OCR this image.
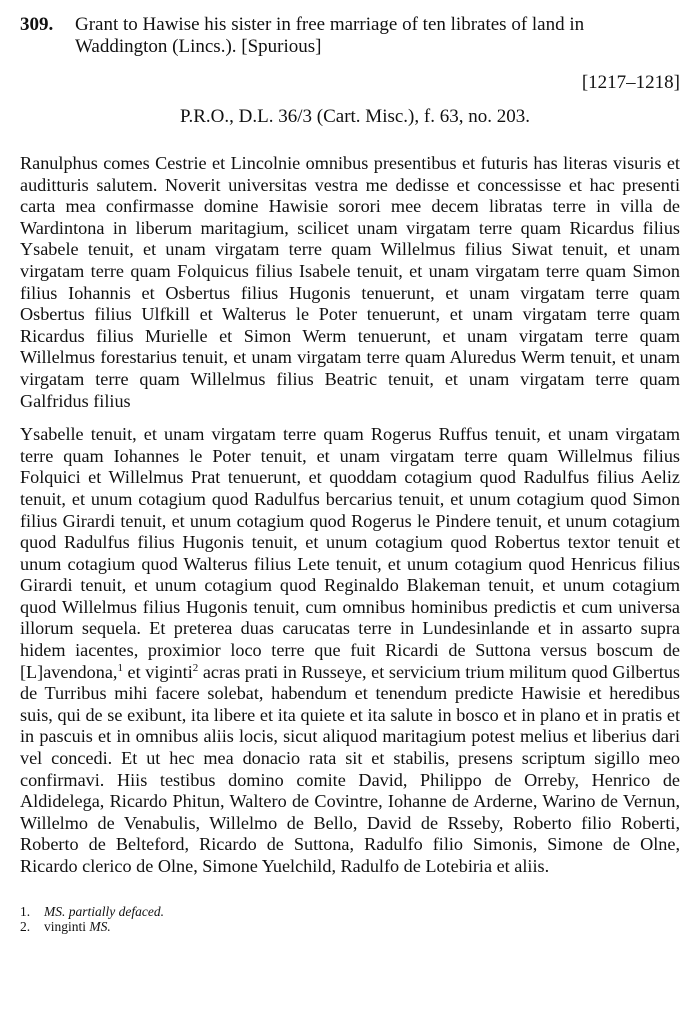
309. Grant to Hawise his sister in free marriage of ten librates of land in Waddington (Lincs.). [Spurious]
[1217–1218]
P.R.O., D.L. 36/3 (Cart. Misc.), f. 63, no. 203.

Ranulphus comes Cestrie et Lincolnie omnibus presentibus et futuris has literas visuris et auditturis salutem. Noverit universitas vestra me dedisse et concessisse et hac presenti carta mea confirmasse domine Hawisie sorori mee decem libratas terre in villa de Wardintona in liberum maritagium, scilicet unam virgatam terre quam Ricardus filius Ysabele tenuit, et unam virgatam terre quam Willelmus filius Siwat tenuit, et unam virgatam terre quam Folquicus filius Isabele tenuit, et unam virgatam terre quam Simon filius Iohannis et Osbertus filius Hugonis tenuerunt, et unam virgatam terre quam Osbertus filius Ulfkill et Walterus le Poter tenuerunt, et unam virgatam terre quam Ricardus filius Murielle et Simon Werm tenuerunt, et unam virgatam terre quam Willelmus forestarius tenuit, et unam virgatam terre quam Aluredus Werm tenuit, et unam virgatam terre quam Willelmus filius Beatric tenuit, et unam virgatam terre quam Galfridus filius

Ysabelle tenuit, et unam virgatam terre quam Rogerus Ruffus tenuit, et unam virgatam terre quam Iohannes le Poter tenuit, et unam virgatam terre quam Willelmus filius Folquici et Willelmus Prat tenuerunt, et quoddam cotagium quod Radulfus filius Aeliz tenuit, et unum cotagium quod Radulfus bercarius tenuit, et unum cotagium quod Simon filius Girardi tenuit, et unum cotagium quod Rogerus le Pindere tenuit, et unum cotagium quod Radulfus filius Hugonis tenuit, et unum cotagium quod Robertus textor tenuit et unum cotagium quod Walterus filius Lete tenuit, et unum cotagium quod Henricus filius Girardi tenuit, et unum cotagium quod Reginaldo Blakeman tenuit, et unum cotagium quod Willelmus filius Hugonis tenuit, cum omnibus hominibus predictis et cum universa illorum sequela. Et preterea duas carucatas terre in Lundesinlande et in assarto supra hidem iacentes, proximior loco terre que fuit Ricardi de Suttona versus boscum de [L]avendona,$^1$ et viginti$^2$ acras prati in Russeye, et servicium trium militum quod Gilbertus de Turribus mihi facere solebat, habendum et tenendum predicte Hawisie et heredibus suis, qui de se exibunt, ita libere et ita quiete et ita salute in bosco et in plano et in pratis et in pascuis et in omnibus aliis locis, sicut aliquod maritagium potest melius et liberius dari vel concedi. Et ut hec mea donacio rata sit et stabilis, presens scriptum sigillo meo confirmavi. Hiis testibus domino comite David, Philippo de Orreby, Henrico de Aldidelega, Ricardo Phitun, Waltero de Covintre, Iohanne de Arderne, Warino de Vernun, Willelmo de Venabulis, Willelmo de Bello, David de Rsseby, Roberto filio Roberti, Roberto de Belteford, Ricardo de Suttona, Radulfo filio Simonis, Simone de Olne, Ricardo clerico de Olne, Simone Yuelchild, Radulfo de Lotebiria et aliis.

1.	MS. partially defaced.
2.	vinginti MS.
